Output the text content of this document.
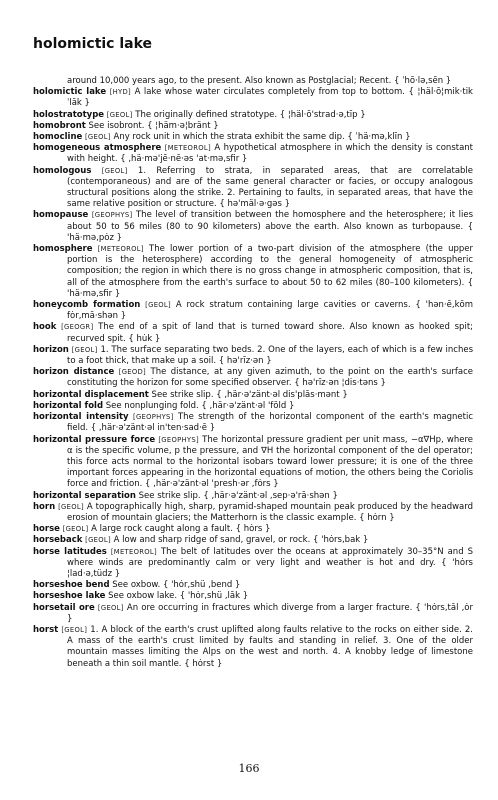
holomictic lake

around 10,000 years ago, to the present. Also known as Postglacial; Recent. { ˈhō·lə,sēn }

holomictic lake [HYD] A lake whose water circulates completely from top to bottom. { ¦häl·ō¦mik·tik ˈlāk }

holostratotype [GEOL] The originally defined stratotype. { ¦häl·ō'strad·ə,tīp }

homobront See isobront. { ¦häm·ə¦bränt }

homocline [GEOL] Any rock unit in which the strata exhibit the same dip. { ˈhä·mə,klīn }

homogeneous atmosphere [METEOROL] A hypothetical atmosphere in which the density is constant with height. { ,hä·mə'jē·nē·əs 'at·mə,sfir }

homologous [GEOL] 1. Referring to strata, in separated areas, that are correlatable (contemporaneous) and are of the same general character or facies, or occupy analogous structural positions along the strike. 2. Pertaining to faults, in separated areas, that have the same relative position or structure. { hə'mäl·ə·gəs }

homopause [GEOPHYS] The level of transition between the homosphere and the heterosphere; it lies about 50 to 56 miles (80 to 90 kilometers) above the earth. Also known as turbopause. { 'hä·mə,pȯz }

homosphere [METEOROL] The lower portion of a two-part division of the atmosphere (the upper portion is the heterosphere) according to the general homogeneity of atmospheric composition; the region in which there is no gross change in atmospheric composition, that is, all of the atmosphere from the earth's surface to about 50 to 62 miles (80–100 kilometers). { 'hä·mə,sfir }

honeycomb formation [GEOL] A rock stratum containing large cavities or caverns. { 'hən·ē,kōm fȯr,mā·shən }

hook [GEOGR] The end of a spit of land that is turned toward shore. Also known as hooked spit; recurved spit. { hu̇k }

horizon [GEOL] 1. The surface separating two beds. 2. One of the layers, each of which is a few inches to a foot thick, that make up a soil. { hə'rīz·ən }

horizon distance [GEOD] The distance, at any given azimuth, to the point on the earth's surface constituting the horizon for some specified observer. { hə'rīz·ən ¦dis·təns }

horizontal displacement See strike slip. { ,här·ə'zänt·əl dis'plās·mənt }

horizontal fold See nonplunging fold. { ,här·ə'zänt·əl 'fōld }

horizontal intensity [GEOPHYS] The strength of the horizontal component of the earth's magnetic field. { ,här·ə'zänt·əl in'ten·sad·ē }

horizontal pressure force [GEOPHYS] The horizontal pressure gradient per unit mass, −α∇Hp, where α is the specific volume, p the pressure, and ∇H the horizontal component of the del operator; this force acts normal to the horizontal isobars toward lower pressure; it is one of the three important forces appearing in the horizontal equations of motion, the others being the Coriolis force and friction. { ,här·ə'zänt·əl 'presh·ər ,fȯrs }

horizontal separation See strike slip. { ,här·ə'zänt·əl ,sep·ə'rā·shən }

horn [GEOL] A topographically high, sharp, pyramid-shaped mountain peak produced by the headward erosion of mountain glaciers; the Matterhorn is the classic example. { hȯrn }

horse [GEOL] A large rock caught along a fault. { hȯrs }

horseback [GEOL] A low and sharp ridge of sand, gravel, or rock. { 'hȯrs,bak }

horse latitudes [METEOROL] The belt of latitudes over the oceans at approximately 30–35°N and S where winds are predominantly calm or very light and weather is hot and dry. { 'hȯrs ¦lad·ə,tüdz }

horseshoe bend See oxbow. { 'hȯr,shü ,bend }

horseshoe lake See oxbow lake. { 'hȯr,shü ,lāk }

horsetail ore [GEOL] An ore occurring in fractures which diverge from a larger fracture. { 'hȯrs,tāl ,ȯr }

horst [GEOL] 1. A block of the earth's crust uplifted along faults relative to the rocks on either side. 2. A mass of the earth's crust limited by faults and standing in relief. 3. One of the older mountain masses limiting the Alps on the west and north. 4. A knobby ledge of limestone beneath a thin soil mantle. { hȯrst }

166
